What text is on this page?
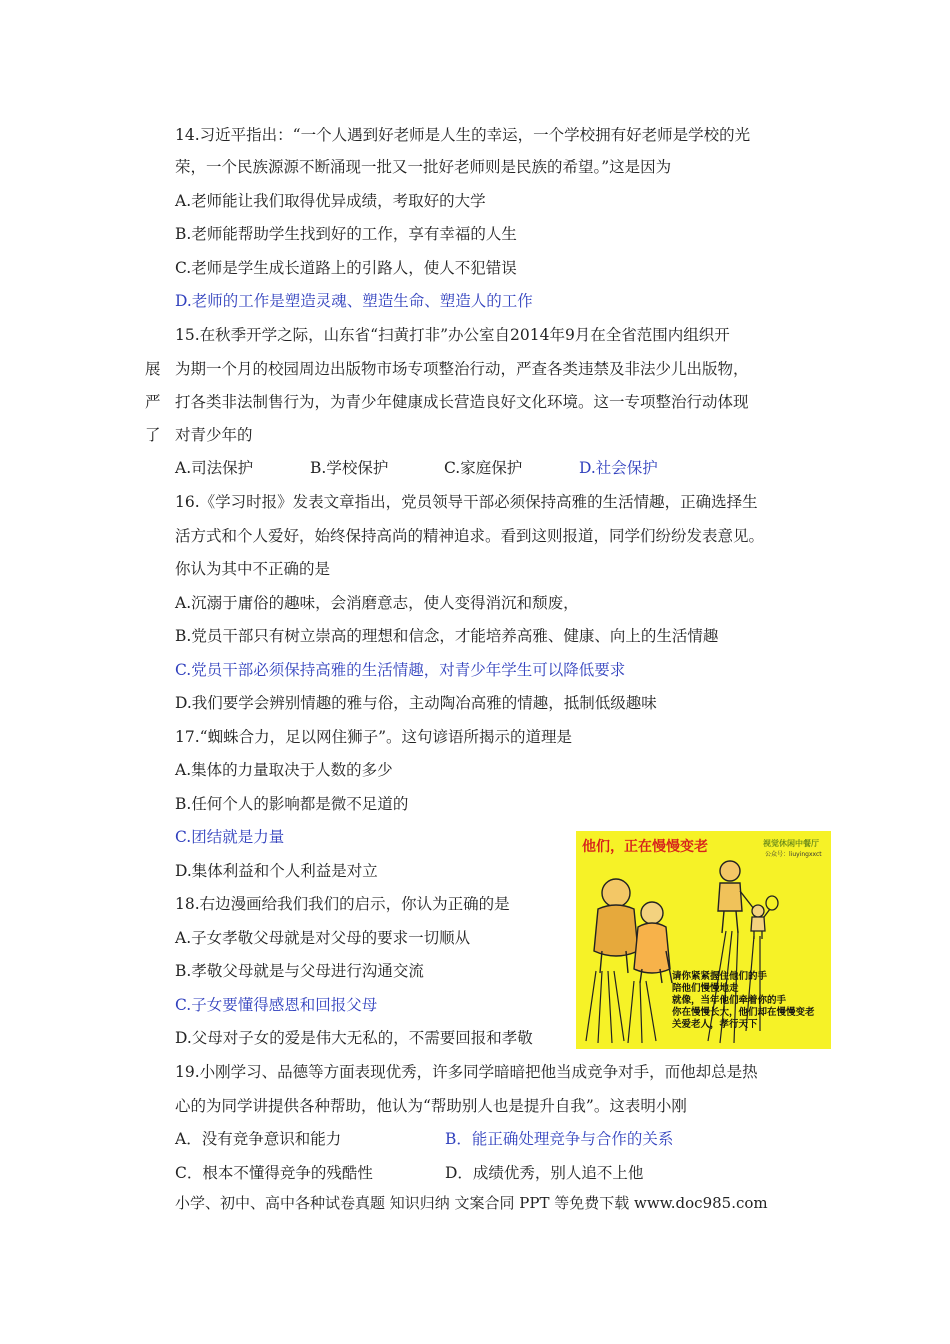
14.习近平指出：“一个人遇到好老师是人生的幸运，一个学校拥有好老师是学校的光
荣，一个民族源源不断涌现一批又一批好老师则是民族的希望。”这是因为
A.老师能让我们取得优异成绩，考取好的大学
B.老师能帮助学生找到好的工作，享有幸福的人生
C.老师是学生成长道路上的引路人，使人不犯错误
D.老师的工作是塑造灵魂、塑造生命、塑造人的工作
15.在秋季开学之际，山东省“扫黄打非”办公室自2014年9月在全省范围内组织开
展 为期一个月的校园周边出版物市场专项整治行动，严查各类违禁及非法少儿出版物，
严 打各类非法制售行为，为青少年健康成长营造良好文化环境。这一专项整治行动体现
了 对青少年的
A.司法保护	B.学校保护	C.家庭保护	D.社会保护
16.《学习时报》发表文章指出，党员领导干部必须保持高雅的生活情趣，正确选择生
活方式和个人爱好，始终保持高尚的精神追求。看到这则报道，同学们纷纷发表意见。
你认为其中不正确的是
A.沉溺于庸俗的趣味，会消磨意志，使人变得消沉和颓废，
B.党员干部只有树立崇高的理想和信念，才能培养高雅、健康、向上的生活情趣
C.党员干部必须保持高雅的生活情趣，对青少年学生可以降低要求
D.我们要学会辨别情趣的雅与俗，主动陶冶高雅的情趣，抵制低级趣味
17.“蜘蛛合力，足以网住狮子”。这句谚语所揭示的道理是
A.集体的力量取决于人数的多少
B.任何个人的影响都是微不足道的
C.团结就是力量
D.集体利益和个人利益是对立
18.右边漫画给我们我们的启示，你认为正确的是
A.子女孝敬父母就是对父母的要求一切顺从
B.孝敬父母就是与父母进行沟通交流
C.子女要懂得感恩和回报父母
D.父母对子女的爱是伟大无私的，不需要回报和孝敬
他们，正在慢慢变老	视觉休闲中餐厅
公众号：liuyingxxct
请你紧紧握住他们的手
陪他们慢慢地走
就像，当年他们牵着你的手
你在慢慢长大，他们却在慢慢变老
关爱老人，孝行天下
19.小刚学习、品德等方面表现优秀，许多同学暗暗把他当成竞争对手，而他却总是热
心的为同学讲提供各种帮助，他认为“帮助别人也是提升自我”。这表明小刚
A．没有竞争意识和能力	B．能正确处理竞争与合作的关系
C．根本不懂得竞争的残酷性	D．成绩优秀，别人追不上他
小学、初中、高中各种试卷真题 知识归纳 文案合同 PPT 等免费下载 www.doc985.com
